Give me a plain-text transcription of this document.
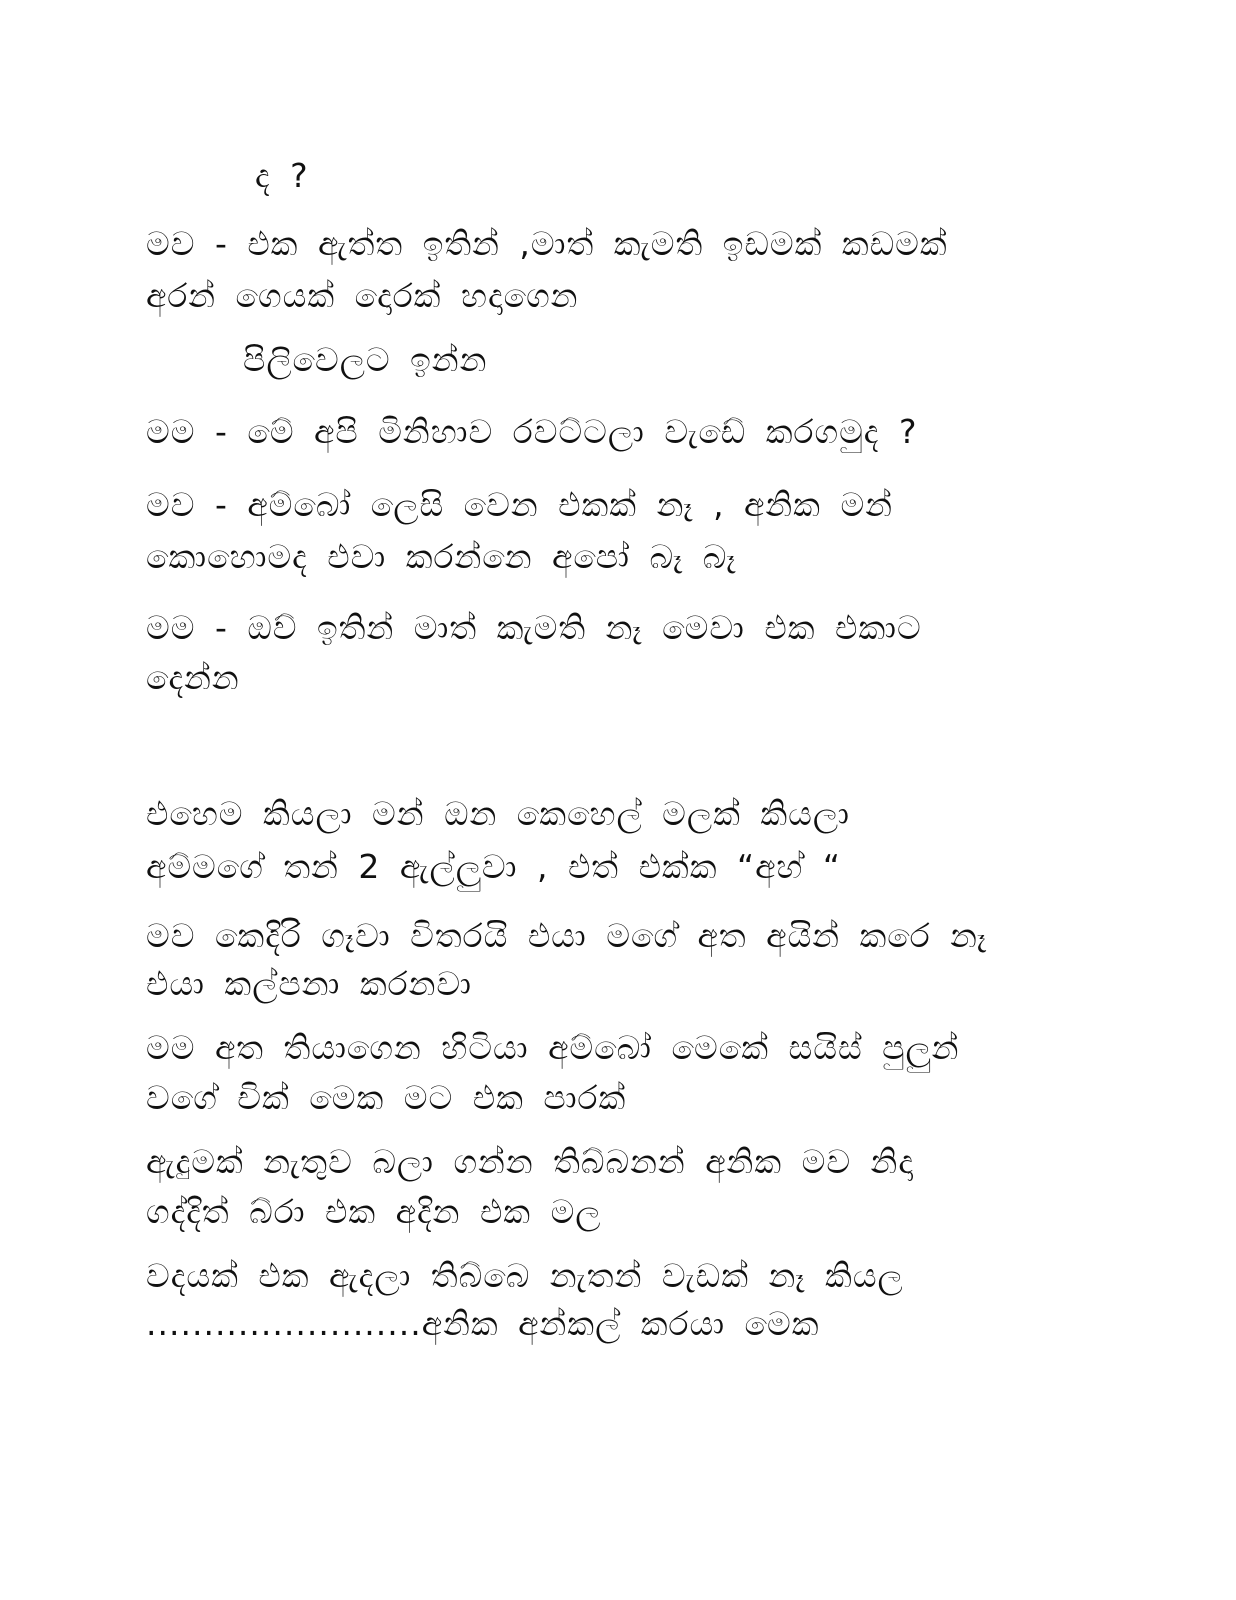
ද ?
මව - එක ඇත්ත ඉතින් ,මාත් කැමති ඉඩමක් කඩමක්
අරන් ගෙයක් දොරක් හදාගෙන
පිලිවෙලට ඉන්න
මම - මේ අපි මිනිහාව රවට්ටලා වැඩේ කරගමුද ?
මව - අම්බෝ ලෙසි වෙන එකක් නෑ , අනික මන්
කොහොමද එවා කරන්නෙ අපෝ බෑ බෑ
මම - ඔව් ඉතින් මාත් කැමති නෑ මෙවා එක එකාට
දෙන්න
එහෙම කියලා මන් ඔන කෙහෙල් මලක් කියලා
අම්මගේ තන් 2 ඇල්ලුවා , එත් එක්ක “අහ් “
මව කෙදිරි ගෑවා විතරයි එයා මගේ අත අයින් කරෙ නෑ
එයා කල්පනා කරනවා
මම අත තියාගෙන හිටියා අම්බෝ මෙකේ සයිස් පුලුන්
වගේ චික් මෙක මට එක පාරක්
ඇදුමක් නැතුව බලා ගන්න තිබ්බනන් අනික මව නිදා
ගද්දිත් බ්රා එක අදින එක මල
වදයක් එක ඇදලා තිබ්බෙ නැතන් වැඩක් නෑ කියල
........................අනික අන්කල් කරයා මෙක
